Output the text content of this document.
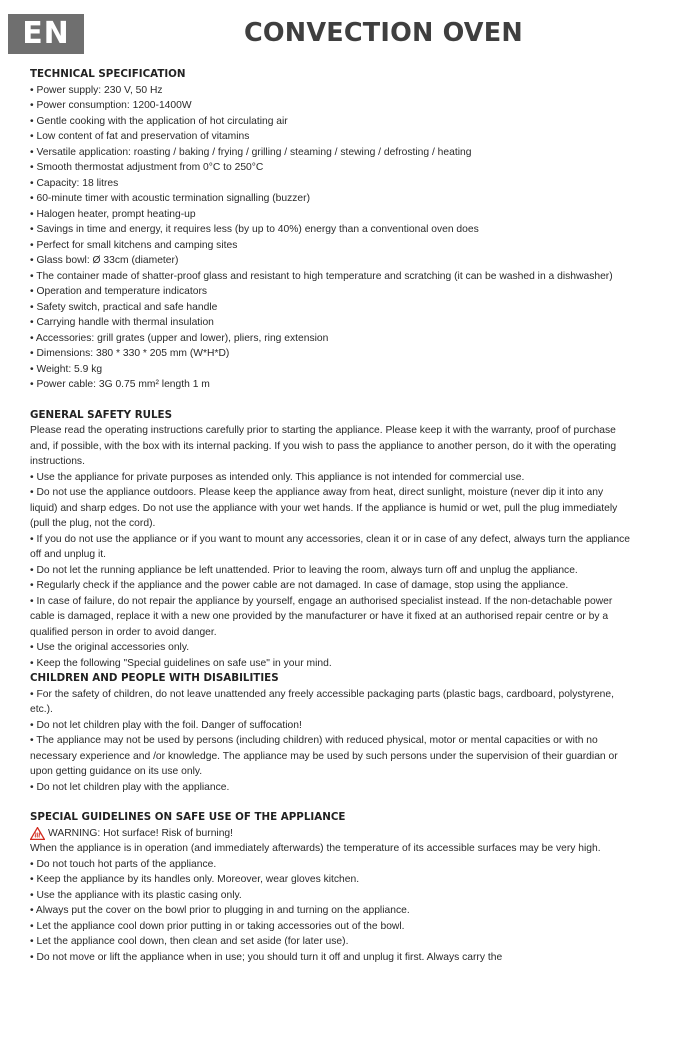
EN	CONVECTION OVEN

TECHNICAL SPECIFICATION

• Power supply: 230 V, 50 Hz

• Power consumption: 1200-1400W

• Gentle cooking with the application of hot circulating air

• Low content of fat and preservation of vitamins

• Versatile application: roasting / baking / frying / grilling / steaming / stewing / defrosting / heating

• Smooth thermostat adjustment from 0°C to 250°C

• Capacity: 18 litres

• 60-minute timer with acoustic termination signalling (buzzer)

• Halogen heater, prompt heating-up

• Savings in time and energy, it requires less (by up to 40%) energy than a conventional oven does

• Perfect for small kitchens and camping sites

• Glass bowl: Ø 33cm (diameter)

• The container made of shatter-proof glass and resistant to high temperature and scratching (it can be washed in a dishwasher)

• Operation and temperature indicators

• Safety switch, practical and safe handle

• Carrying handle with thermal insulation

• Accessories: grill grates (upper and lower), pliers, ring extension

• Dimensions: 380 * 330 * 205 mm (W*H*D)

• Weight: 5.9 kg

• Power cable: 3G 0.75 mm² length 1 m

GENERAL SAFETY RULES

Please read the operating instructions carefully prior to starting the appliance. Please keep it with the warranty, proof of purchase and, if possible, with the box with its internal packing. If you wish to pass the appliance to another person, do it with the operating instructions.

• Use the appliance for private purposes as intended only. This appliance is not intended for commercial use.

• Do not use the appliance outdoors. Please keep the appliance away from heat, direct sunlight, moisture (never dip it into any liquid) and sharp edges. Do not use the appliance with your wet hands. If the appliance is humid or wet, pull the plug immediately (pull the plug, not the cord).

• If you do not use the appliance or if you want to mount any accessories, clean it or in case of any defect, always turn the appliance off and unplug it.

• Do not let the running appliance be left unattended. Prior to leaving the room, always turn off and unplug the appliance.

• Regularly check if the appliance and the power cable are not damaged. In case of damage, stop using the appliance.

• In case of failure, do not repair the appliance by yourself, engage an authorised specialist instead. If the non-detachable power cable is damaged, replace it with a new one provided by the manufacturer or have it fixed at an authorised repair centre or by a qualified person in order to avoid danger.

• Use the original accessories only.

• Keep the following "Special guidelines on safe use" in your mind.

CHILDREN AND PEOPLE WITH DISABILITIES

• For the safety of children, do not leave unattended any freely accessible packaging parts (plastic bags, cardboard, polystyrene, etc.).

• Do not let children play with the foil. Danger of suffocation!

• The appliance may not be used by persons (including children) with reduced physical, motor or mental capacities or with no necessary experience and /or knowledge. The appliance may be used by such persons under the supervision of their guardian or upon getting guidance on its use only.

• Do not let children play with the appliance.

SPECIAL GUIDELINES ON SAFE USE OF THE APPLIANCE

WARNING: Hot surface! Risk of burning!

When the appliance is in operation (and immediately afterwards) the temperature of its accessible surfaces may be very high.

• Do not touch hot parts of the appliance.

• Keep the appliance by its handles only. Moreover, wear gloves kitchen.

• Use the appliance with its plastic casing only.

• Always put the cover on the bowl prior to plugging in and turning on the appliance.

• Let the appliance cool down prior putting in or taking accessories out of the bowl.

• Let the appliance cool down, then clean and set aside (for later use).

• Do not move or lift the appliance when in use; you should turn it off and unplug it first. Always carry the
